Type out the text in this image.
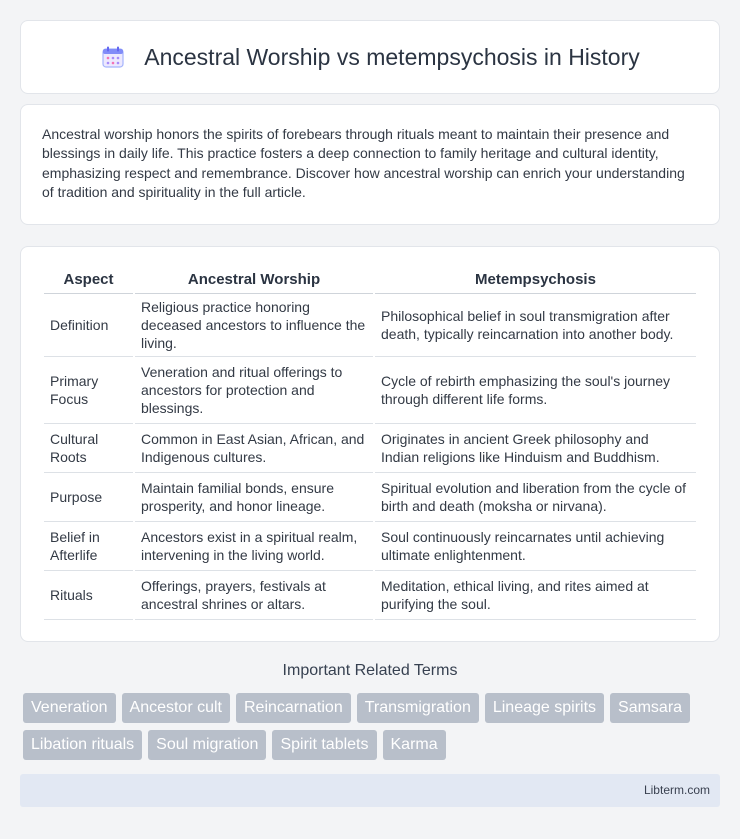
Ancestral Worship vs metempsychosis in History

Ancestral worship honors the spirits of forebears through rituals meant to maintain their presence and blessings in daily life. This practice fosters a deep connection to family heritage and cultural identity, emphasizing respect and remembrance. Discover how ancestral worship can enrich your understanding of tradition and spirituality in the full article.

Aspect	Ancestral Worship	Metempsychosis
Definition	Religious practice honoring deceased ancestors to influence the living.	Philosophical belief in soul transmigration after death, typically reincarnation into another body.
Primary Focus	Veneration and ritual offerings to ancestors for protection and blessings.	Cycle of rebirth emphasizing the soul's journey through different life forms.
Cultural Roots	Common in East Asian, African, and Indigenous cultures.	Originates in ancient Greek philosophy and Indian religions like Hinduism and Buddhism.
Purpose	Maintain familial bonds, ensure prosperity, and honor lineage.	Spiritual evolution and liberation from the cycle of birth and death (moksha or nirvana).
Belief in Afterlife	Ancestors exist in a spiritual realm, intervening in the living world.	Soul continuously reincarnates until achieving ultimate enlightenment.
Rituals	Offerings, prayers, festivals at ancestral shrines or altars.	Meditation, ethical living, and rites aimed at purifying the soul.
Important Related Terms
Veneration	Ancestor cult	Reincarnation	Transmigration	Lineage spirits	Samsara
Libation rituals	Soul migration	Spirit tablets	Karma
Libterm.com
